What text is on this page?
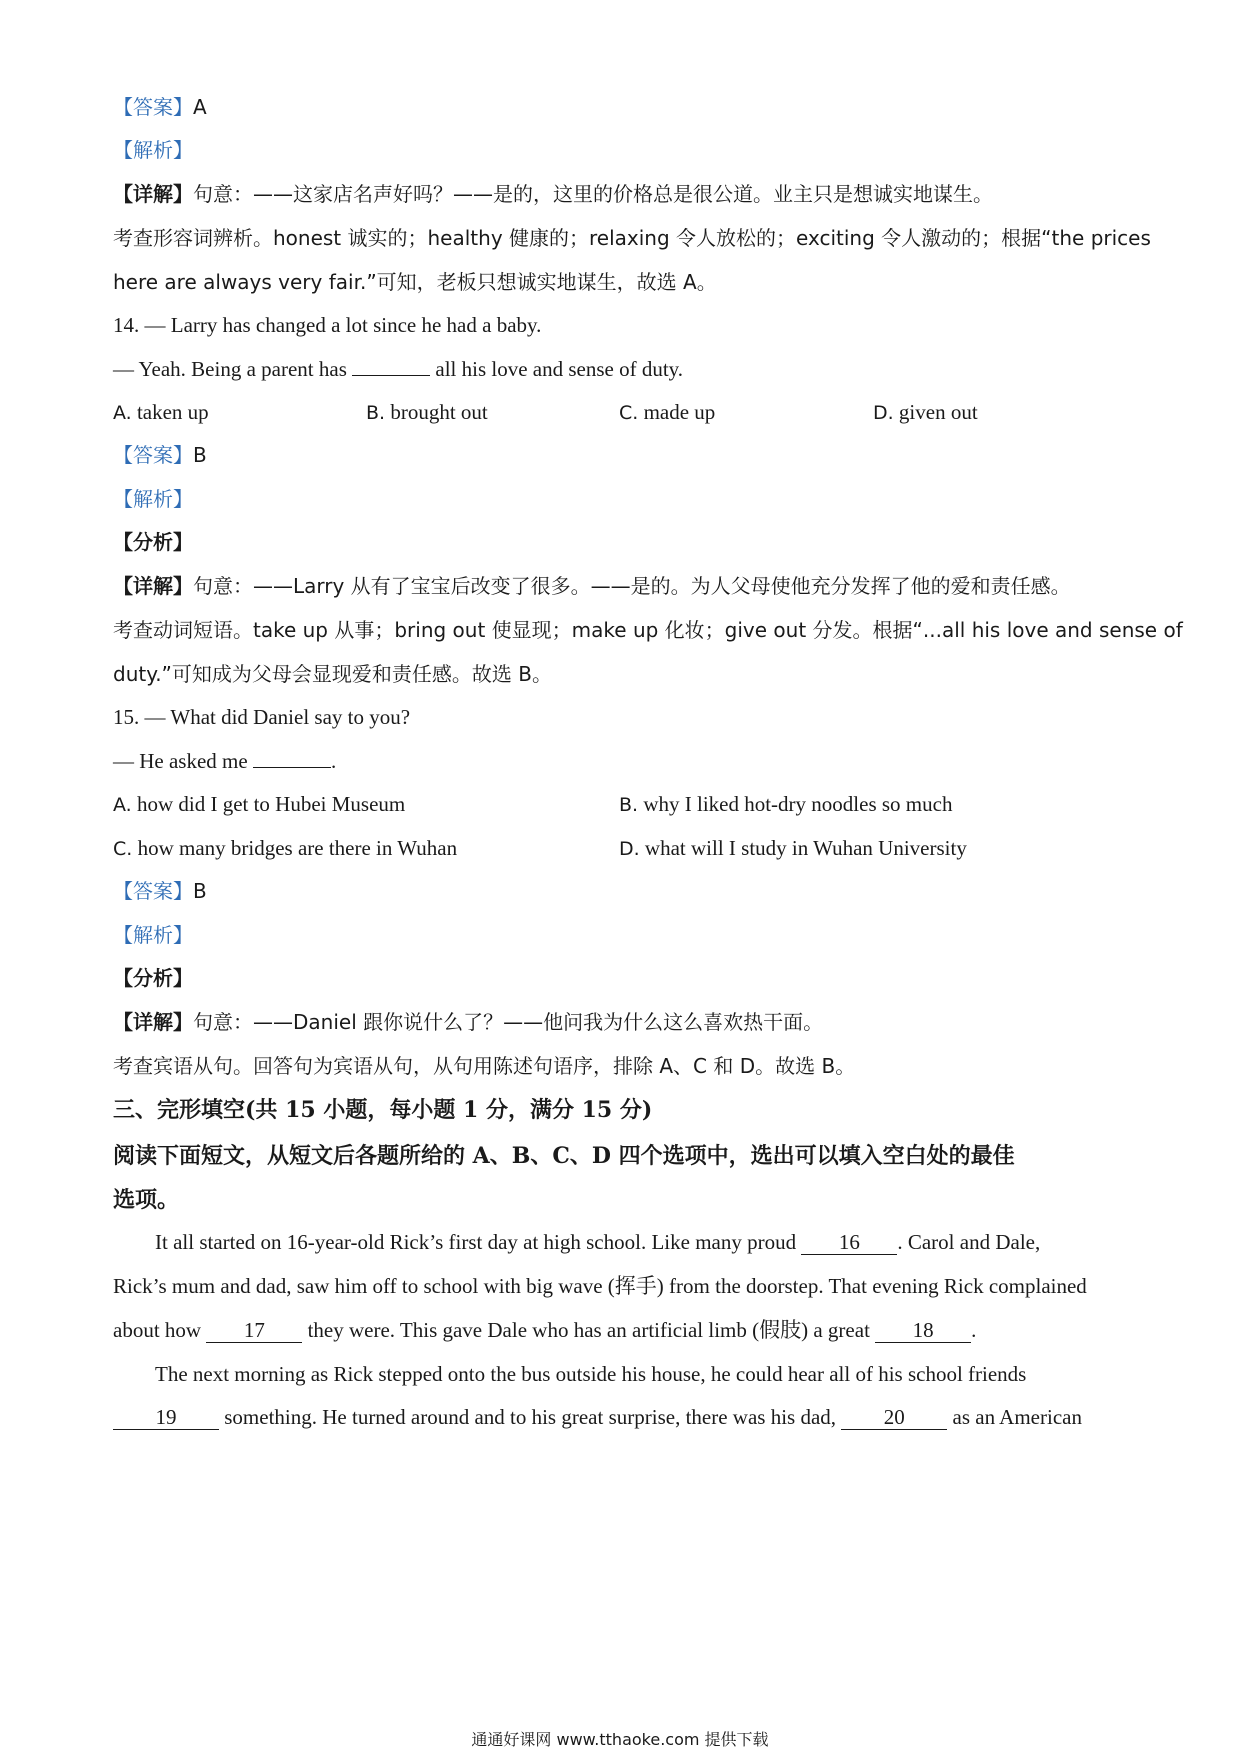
【答案】A
【解析】
【详解】句意：——这家店名声好吗？——是的，这里的价格总是很公道。业主只是想诚实地谋生。
考查形容词辨析。honest 诚实的；healthy 健康的；relaxing 令人放松的；exciting 令人激动的；根据“the prices
here are always very fair.”可知，老板只想诚实地谋生，故选 A。
14. — Larry has changed a lot since he had a baby.
— Yeah. Being a parent has	all his love and sense of duty.
A. taken up	B. brought out	C. made up	D. given out
【答案】B
【解析】
【分析】
【详解】句意：——Larry 从有了宝宝后改变了很多。——是的。为人父母使他充分发挥了他的爱和责任感。
考查动词短语。take up 从事；bring out 使显现；make up 化妆；give out 分发。根据“...all his love and sense of
duty.”可知成为父母会显现爱和责任感。故选 B。
15. — What did Daniel say to you?
— He asked me	.
A. how did I get to Hubei Museum	B. why I liked hot-dry noodles so much
C. how many bridges are there in Wuhan	D. what will I study in Wuhan University
【答案】B
【解析】
【分析】
【详解】句意：——Daniel 跟你说什么了？——他问我为什么这么喜欢热干面。
考查宾语从句。回答句为宾语从句，从句用陈述句语序，排除 A、C 和 D。故选 B。
三、完形填空(共 15 小题，每小题 1 分，满分 15 分)
阅读下面短文，从短文后各题所给的 A、B、C、D 四个选项中，选出可以填入空白处的最佳
选项。
It all started on 16-year-old Rick’s first day at high school. Like many proud 16 . Carol and Dale,
Rick’s mum and dad, saw him off to school with big wave (挥手) from the doorstep. That evening Rick complained
about how 17 they were. This gave Dale who has an artificial limb (假肢) a great 18 .
The next morning as Rick stepped onto the bus outside his house, he could hear all of his school friends
19 something. He turned around and to his great surprise, there was his dad, 20 as an American
通通好课网 www.tthaoke.com 提供下载
